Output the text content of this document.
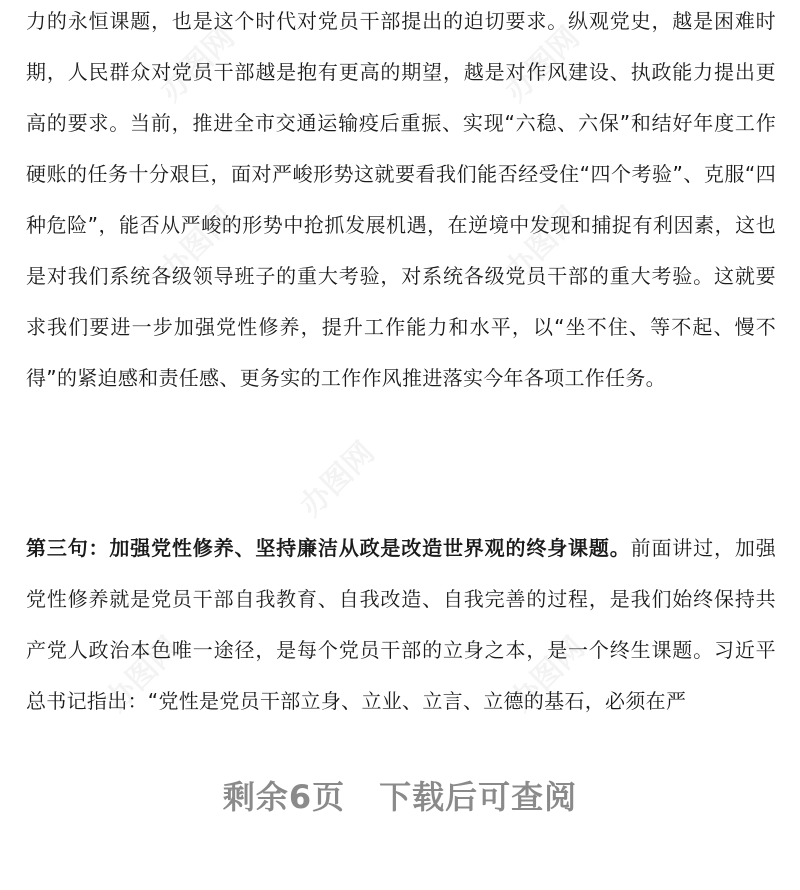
办图网	办图网
办图网	办图网
办图网
办图网	办图网

力的永恒课题，也是这个时代对党员干部提出的迫切要求。纵观党史，越是困难时期，人民群众对党员干部越是抱有更高的期望，越是对作风建设、执政能力提出更高的要求。当前，推进全市交通运输疫后重振、实现“六稳、六保”和结好年度工作硬账的任务十分艰巨，面对严峻形势这就要看我们能否经受住“四个考验”、克服“四种危险”，能否从严峻的形势中抢抓发展机遇，在逆境中发现和捕捉有利因素，这也是对我们系统各级领导班子的重大考验，对系统各级党员干部的重大考验。这就要求我们要进一步加强党性修养，提升工作能力和水平，以“坐不住、等不起、慢不得”的紧迫感和责任感、更务实的工作作风推进落实今年各项工作任务。

第三句：加强党性修养、坚持廉洁从政是改造世界观的终身课题。前面讲过，加强党性修养就是党员干部自我教育、自我改造、自我完善的过程，是我们始终保持共产党人政治本色唯一途径，是每个党员干部的立身之本，是一个终生课题。习近平总书记指出：“党性是党员干部立身、立业、立言、立德的基石，必须在严

剩余6页 下载后可查阅
